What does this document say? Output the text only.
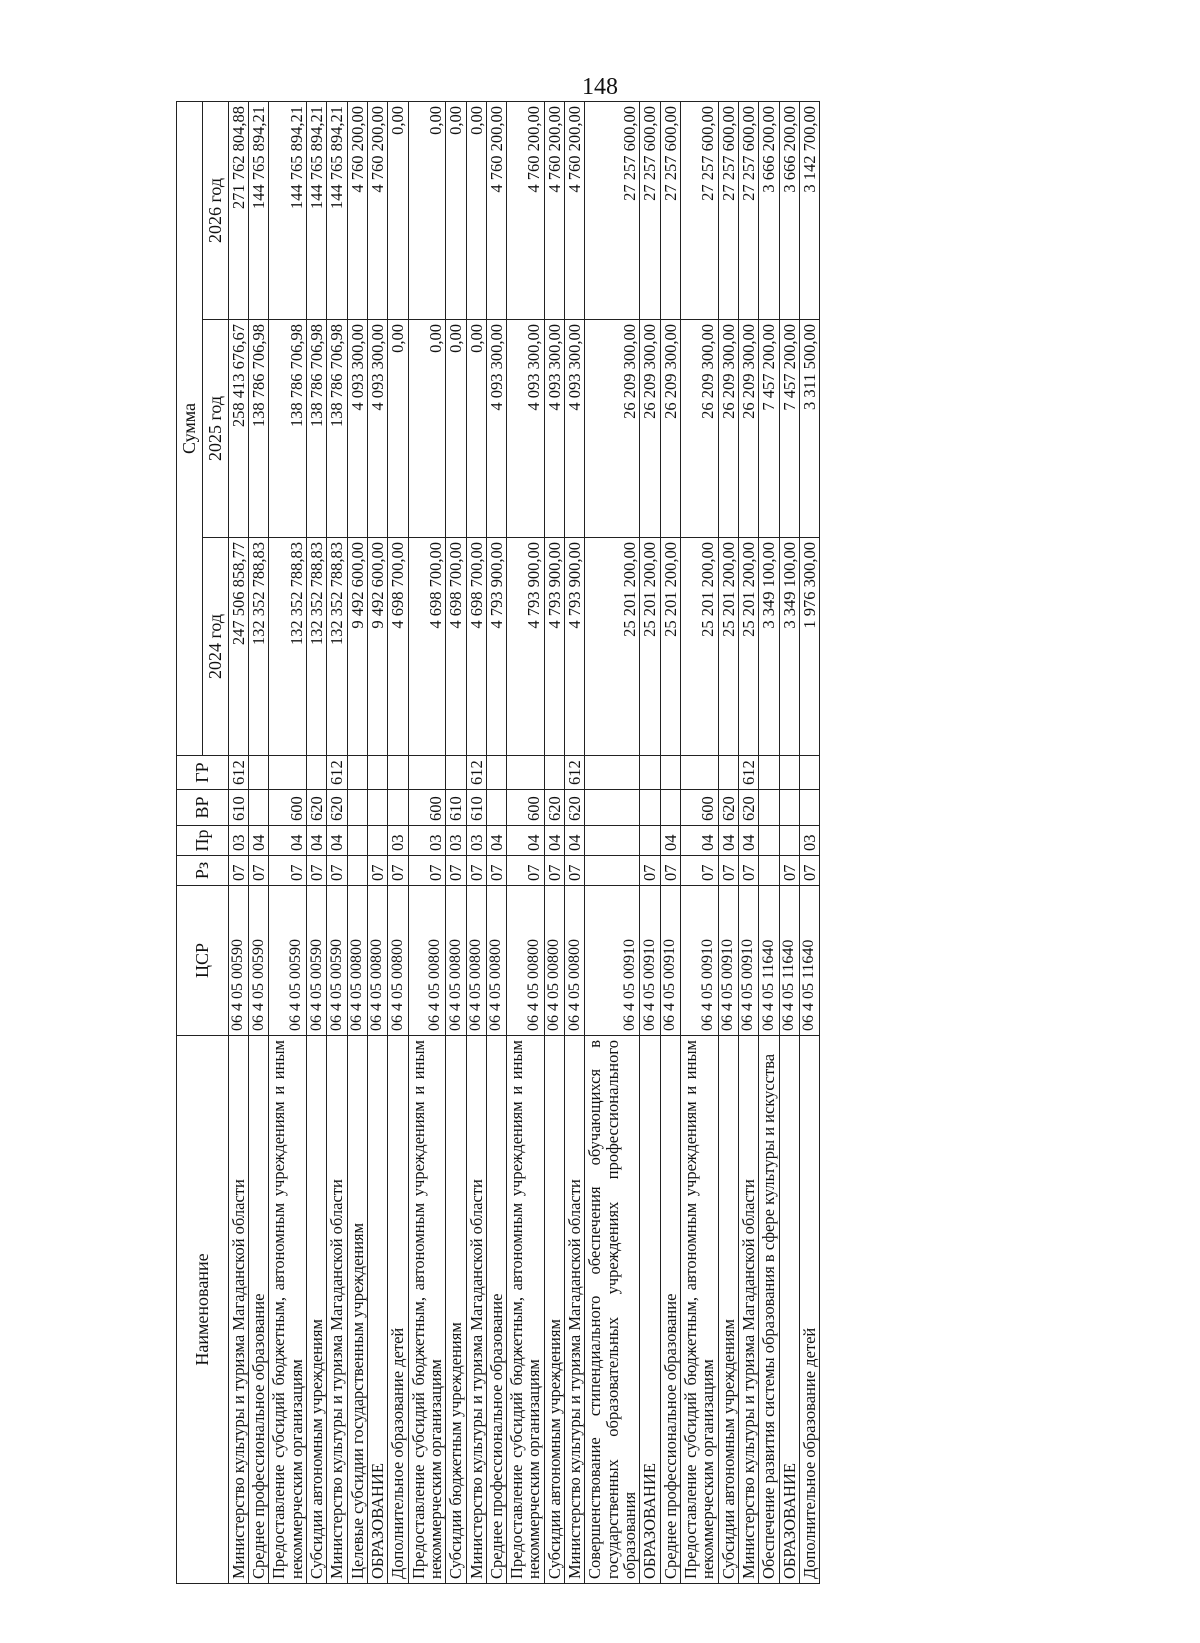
148
Наименование	ЦСР	Рз	Пр	ВР	ГР	Сумма		
						2024 год	2025 год	2026 год
Министерство культуры и туризма Магаданской области	06 4 05 00590	07	03	610	612	247 506 858,77	258 413 676,67	271 762 804,88
Среднее профессиональное образование	06 4 05 00590	07	04			132 352 788,83	138 786 706,98	144 765 894,21
Предоставление субсидий бюджетным, автономным учреждениям и иным некоммерческим организациям	06 4 05 00590	07	04	600		132 352 788,83	138 786 706,98	144 765 894,21
Субсидии автономным учреждениям	06 4 05 00590	07	04	620		132 352 788,83	138 786 706,98	144 765 894,21
Министерство культуры и туризма Магаданской области	06 4 05 00590	07	04	620	612	132 352 788,83	138 786 706,98	144 765 894,21
Целевые субсидии государственным учреждениям	06 4 05 00800					9 492 600,00	4 093 300,00	4 760 200,00
ОБРАЗОВАНИЕ	06 4 05 00800	07				9 492 600,00	4 093 300,00	4 760 200,00
Дополнительное образование детей	06 4 05 00800	07	03			4 698 700,00	0,00	0,00
Предоставление субсидий бюджетным, автономным учреждениям и иным некоммерческим организациям	06 4 05 00800	07	03	600		4 698 700,00	0,00	0,00
Субсидии бюджетным учреждениям	06 4 05 00800	07	03	610		4 698 700,00	0,00	0,00
Министерство культуры и туризма Магаданской области	06 4 05 00800	07	03	610	612	4 698 700,00	0,00	0,00
Среднее профессиональное образование	06 4 05 00800	07	04			4 793 900,00	4 093 300,00	4 760 200,00
Предоставление субсидий бюджетным, автономным учреждениям и иным некоммерческим организациям	06 4 05 00800	07	04	600		4 793 900,00	4 093 300,00	4 760 200,00
Субсидии автономным учреждениям	06 4 05 00800	07	04	620		4 793 900,00	4 093 300,00	4 760 200,00
Министерство культуры и туризма Магаданской области	06 4 05 00800	07	04	620	612	4 793 900,00	4 093 300,00	4 760 200,00
Совершенствование стипендиального обеспечения обучающихся в государственных образовательных учреждениях профессионального образования	06 4 05 00910					25 201 200,00	26 209 300,00	27 257 600,00
ОБРАЗОВАНИЕ	06 4 05 00910	07				25 201 200,00	26 209 300,00	27 257 600,00
Среднее профессиональное образование	06 4 05 00910	07	04			25 201 200,00	26 209 300,00	27 257 600,00
Предоставление субсидий бюджетным, автономным учреждениям и иным некоммерческим организациям	06 4 05 00910	07	04	600		25 201 200,00	26 209 300,00	27 257 600,00
Субсидии автономным учреждениям	06 4 05 00910	07	04	620		25 201 200,00	26 209 300,00	27 257 600,00
Министерство культуры и туризма Магаданской области	06 4 05 00910	07	04	620	612	25 201 200,00	26 209 300,00	27 257 600,00
Обеспечение развития системы образования в сфере культуры и искусства	06 4 05 11640					3 349 100,00	7 457 200,00	3 666 200,00
ОБРАЗОВАНИЕ	06 4 05 11640	07				3 349 100,00	7 457 200,00	3 666 200,00
Дополнительное образование детей	06 4 05 11640	07	03			1 976 300,00	3 311 500,00	3 142 700,00
